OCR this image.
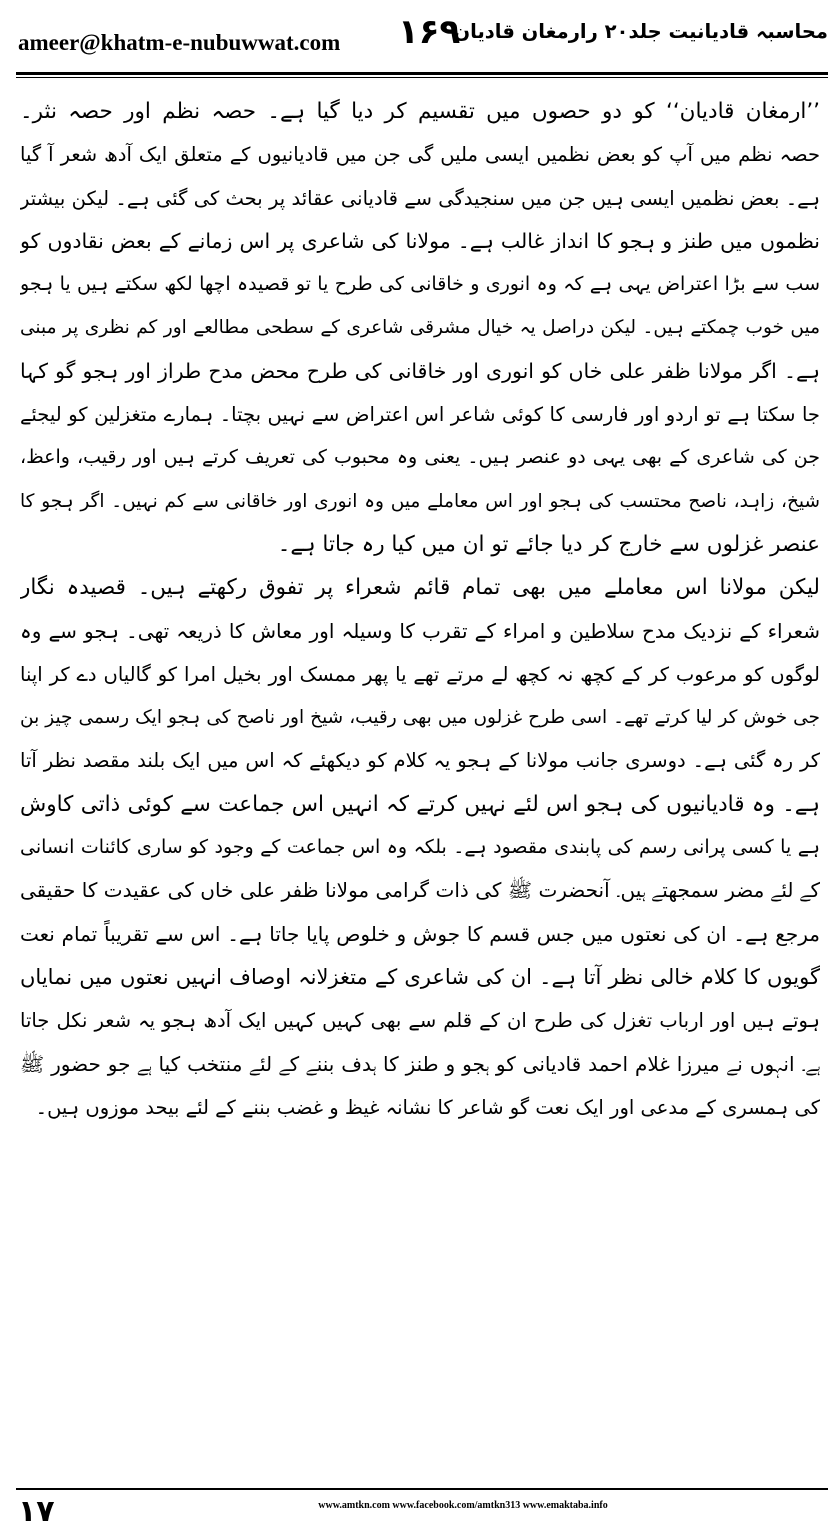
ameer@khatm-e-nubuwwat.com ۱۶۹
محاسبہ قادیانیت جلد۲۰ رارمغان قادیان
’’ارمغان قادیان‘‘ کو دو حصوں میں تقسیم کر دیا گیا ہے۔ حصہ نظم اور حصہ نثر۔
حصہ نظم میں آپ کو بعض نظمیں ایسی ملیں گی جن میں قادیانیوں کے متعلق ایک آدھ شعر آ گیا
ہے۔ بعض نظمیں ایسی ہیں جن میں سنجیدگی سے قادیانی عقائد پر بحث کی گئی ہے۔ لیکن بیشتر
نظموں میں طنز و ہجو کا انداز غالب ہے۔ مولانا کی شاعری پر اس زمانے کے بعض نقادوں کو
سب سے بڑا اعتراض یہی ہے کہ وہ انوری و خاقانی کی طرح یا تو قصیدہ اچھا لکھ سکتے ہیں یا ہجو
میں خوب چمکتے ہیں۔ لیکن دراصل یہ خیال مشرقی شاعری کے سطحی مطالعے اور کم نظری پر مبنی
ہے۔ اگر مولانا ظفر علی خاں کو انوری اور خاقانی کی طرح محض مدح طراز اور ہجو گو کہا
جا سکتا ہے تو اردو اور فارسی کا کوئی شاعر اس اعتراض سے نہیں بچتا۔ ہمارے متغزلین کو لیجئے
جن کی شاعری کے بھی یہی دو عنصر ہیں۔ یعنی وہ محبوب کی تعریف کرتے ہیں اور رقیب، واعظ،
شیخ، زاہد، ناصح محتسب کی ہجو اور اس معاملے میں وہ انوری اور خاقانی سے کم نہیں۔ اگر ہجو کا
عنصر غزلوں سے خارج کر دیا جائے تو ان میں کیا رہ جاتا ہے۔
لیکن مولانا اس معاملے میں بھی تمام قائم شعراء پر تفوق رکھتے ہیں۔ قصیدہ نگار
شعراء کے نزدیک مدح سلاطین و امراء کے تقرب کا وسیلہ اور معاش کا ذریعہ تھی۔ ہجو سے وہ
لوگوں کو مرعوب کر کے کچھ نہ کچھ لے مرتے تھے یا پھر ممسک اور بخیل امرا کو گالیاں دے کر اپنا
جی خوش کر لیا کرتے تھے۔ اسی طرح غزلوں میں بھی رقیب، شیخ اور ناصح کی ہجو ایک رسمی چیز بن
کر رہ گئی ہے۔ دوسری جانب مولانا کے ہجو یہ کلام کو دیکھئے کہ اس میں ایک بلند مقصد نظر آتا
ہے۔ وہ قادیانیوں کی ہجو اس لئے نہیں کرتے کہ انہیں اس جماعت سے کوئی ذاتی کاوش
ہے یا کسی پرانی رسم کی پابندی مقصود ہے۔ بلکہ وہ اس جماعت کے وجود کو ساری کائنات انسانی
کے لئے مضر سمجھتے ہیں۔ آنحضرت ﷺ کی ذات گرامی مولانا ظفر علی خاں کی عقیدت کا حقیقی
مرجع ہے۔ ان کی نعتوں میں جس قسم کا جوش و خلوص پایا جاتا ہے۔ اس سے تقریباً تمام نعت
گویوں کا کلام خالی نظر آتا ہے۔ ان کی شاعری کے متغزلانہ اوصاف انہیں نعتوں میں نمایاں
ہوتے ہیں اور ارباب تغزل کی طرح ان کے قلم سے بھی کہیں کہیں ایک آدھ ہجو یہ شعر نکل جاتا
ہے۔ انہوں نے میرزا غلام احمد قادیانی کو ہجو و طنز کا ہدف بننے کے لئے منتخب کیا ہے جو حضور ﷺ
کی ہمسری کے مدعی اور ایک نعت گو شاعر کا نشانہ غیظ و غضب بننے کے لئے بیحد موزوں ہیں۔
۱۷	www.amtkn.com www.facebook.com/amtkn313 www.emaktaba.info
